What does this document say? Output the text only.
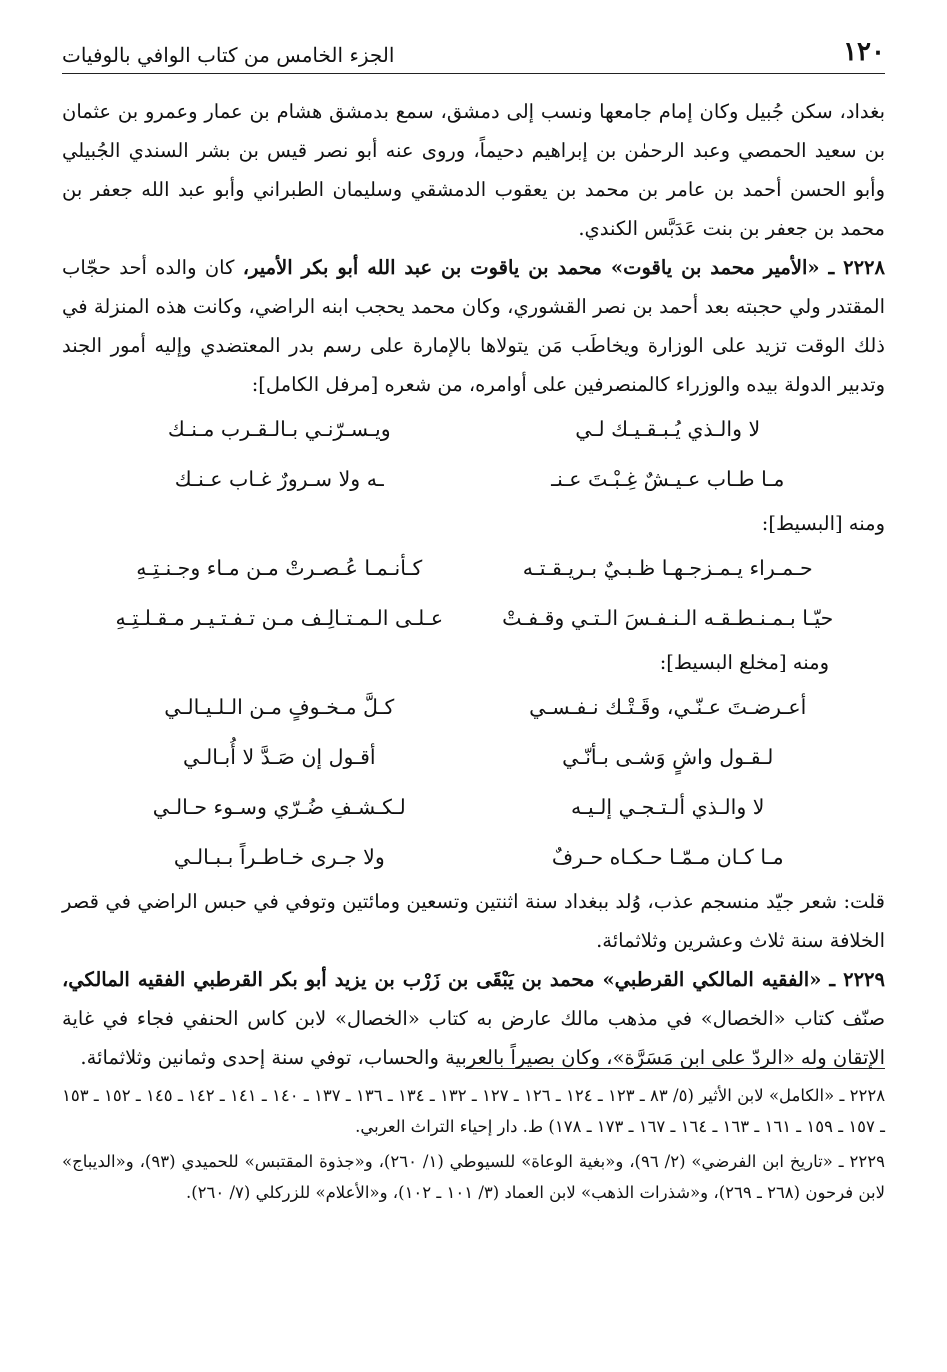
١٢٠
الجزء الخامس من كتاب الوافي بالوفيات

بغداد، سكن جُبيل وكان إمام جامعها ونسب إلى دمشق، سمع بدمشق هشام بن عمار وعمرو بن عثمان بن سعيد الحمصي وعبد الرحمٰن بن إبراهيم دحيماً، وروى عنه أبو نصر قيس بن بشر السندي الجُبيلي وأبو الحسن أحمد بن عامر بن محمد بن يعقوب الدمشقي وسليمان الطبراني وأبو عبد الله جعفر بن محمد بن جعفر بن بنت عَدَبَّس الكندي.

٢٢٢٨ ـ «الأمير محمد بن ياقوت» محمد بن ياقوت بن عبد الله أبو بكر الأمير، كان والده أحد حجّاب المقتدر ولي حجبته بعد أحمد بن نصر القشوري، وكان محمد يحجب ابنه الراضي، وكانت هذه المنزلة في ذلك الوقت تزيد على الوزارة ويخاطَب مَن يتولاها بالإمارة على رسم بدر المعتضدي وإليه أمور الجند وتدبير الدولة بيده والوزراء كالمنصرفين على أوامره، من شعره [مرفل الكامل]:

لا والـذي يُـبـقـيـك لـي
ويـسـرّنـي بـالـقـرب مـنـك
مـا طـاب عـيـشٌ غِـبْـتَ عـنـ
ـه ولا سـرورٌ غـاب عـنـك

ومنه [البسيط]:

حـمـراء يـمـزجـهـا ظـبـيٌ بـريـقـتـه
كـأنـمـا عُـصـرتْ مـن مـاء وجـنـتِـهِ
حيّـا بـمـنـطـقـه الـنـفـسَ الـتـي وقـفـتْ
عـلـى الـمـتـالِـف مـن تـفـتـيـر مـقـلـتِـهِ

ومنه [مخلع البسيط]:

أعـرضـتَ عـنّـي، وقَـتْـك نـفـسـي
كـلَّ مـخـوفٍ مـن الـلـيـالـي
لـقـول واشٍ وَشـى بـأنّـي
أقـول إن صَـدَّ لا أُبـالـي
لا والـذي ألـتـجـي إلـيـه
لـكـشـفِ ضُـرّي وسـوء حـالـي
مـا كـان مـمّـا حـكـاه حـرفٌ
ولا جـرى خـاطـراً بـبـالـي

قلت: شعر جيّد منسجم عذب، وُلد ببغداد سنة اثنتين وتسعين ومائتين وتوفي في حبس الراضي في قصر الخلافة سنة ثلاث وعشرين وثلاثمائة.

٢٢٢٩ ـ «الفقيه المالكي القرطبي» محمد بن يَبْقَى بن زَرْب بن يزيد أبو بكر القرطبي الفقيه المالكي، صنّف كتاب «الخصال» في مذهب مالك عارض به كتاب «الخصال» لابن كاس الحنفي فجاء في غاية الإتقان وله «الردّ على ابن مَسَرَّة»، وكان بصيراً بالعربية والحساب، توفي سنة إحدى وثمانين وثلاثمائة.

٢٢٢٨ ـ «الكامل» لابن الأثير (٥/ ٨٣ ـ ١٢٣ ـ ١٢٤ ـ ١٢٦ ـ ١٢٧ ـ ١٣٢ ـ ١٣٤ ـ ١٣٦ ـ ١٣٧ ـ ١٤٠ ـ ١٤١ ـ ١٤٢ ـ ١٤٥ ـ ١٥٢ ـ ١٥٣ ـ ١٥٧ ـ ١٥٩ ـ ١٦١ ـ ١٦٣ ـ ١٦٤ ـ ١٦٧ ـ ١٧٣ ـ ١٧٨) ط. دار إحياء التراث العربي.

٢٢٢٩ ـ «تاريخ ابن الفرضي» (٢/ ٩٦)، و«بغية الوعاة» للسيوطي (١/ ٢٦٠)، و«جذوة المقتبس» للحميدي (٩٣)، و«الديباج» لابن فرحون (٢٦٨ ـ ٢٦٩)، و«شذرات الذهب» لابن العماد (٣/ ١٠١ ـ ١٠٢)، و«الأعلام» للزركلي (٧/ ٢٦٠).
